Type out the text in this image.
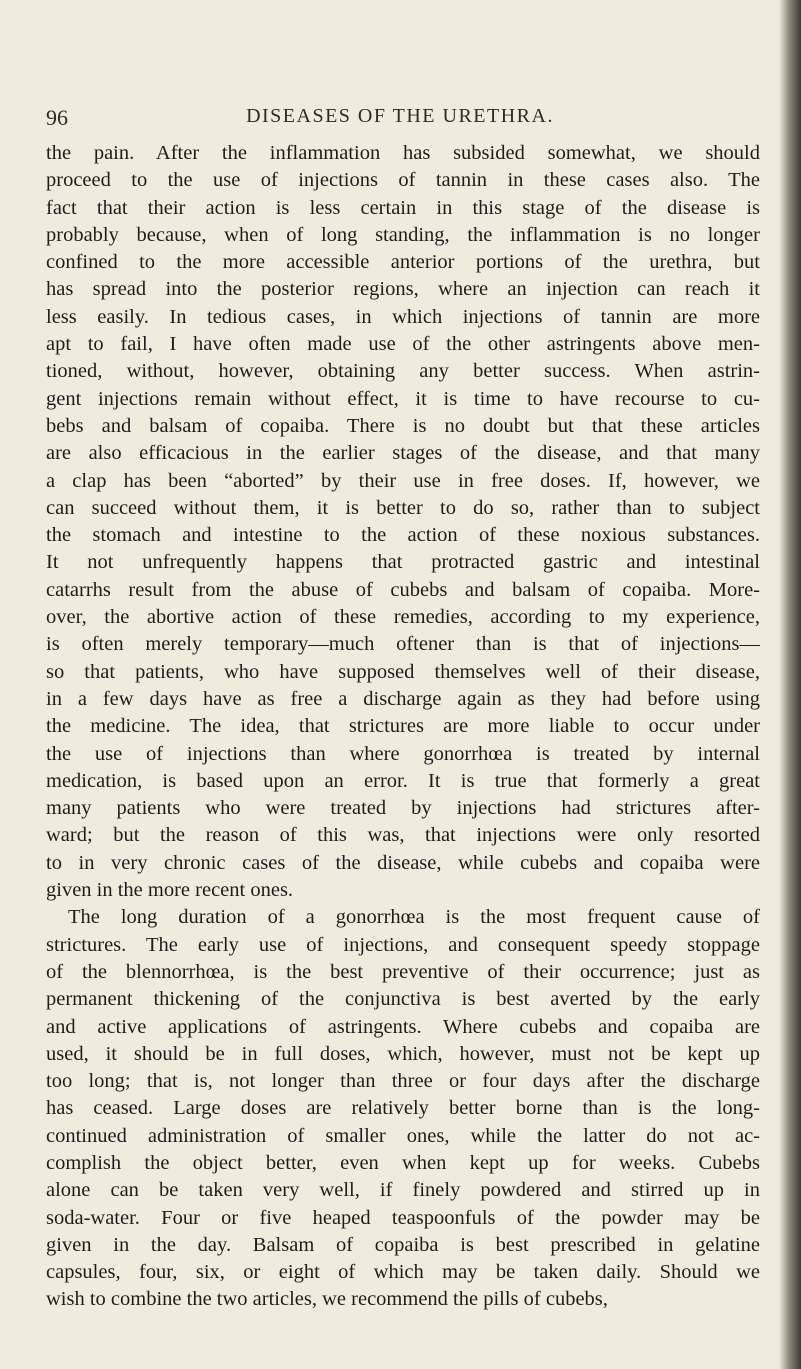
96	DISEASES OF THE URETHRA.
the pain. After the inflammation has subsided somewhat, we should
proceed to the use of injections of tannin in these cases also. The
fact that their action is less certain in this stage of the disease is
probably because, when of long standing, the inflammation is no longer
confined to the more accessible anterior portions of the urethra, but
has spread into the posterior regions, where an injection can reach it
less easily. In tedious cases, in which injections of tannin are more
apt to fail, I have often made use of the other astringents above men-
tioned, without, however, obtaining any better success. When astrin-
gent injections remain without effect, it is time to have recourse to cu-
bebs and balsam of copaiba. There is no doubt but that these articles
are also efficacious in the earlier stages of the disease, and that many
a clap has been “aborted” by their use in free doses. If, however, we
can succeed without them, it is better to do so, rather than to subject
the stomach and intestine to the action of these noxious substances.
It not unfrequently happens that protracted gastric and intestinal
catarrhs result from the abuse of cubebs and balsam of copaiba. More-
over, the abortive action of these remedies, according to my experience,
is often merely temporary—much oftener than is that of injections—
so that patients, who have supposed themselves well of their disease,
in a few days have as free a discharge again as they had before using
the medicine. The idea, that strictures are more liable to occur under
the use of injections than where gonorrhœa is treated by internal
medication, is based upon an error. It is true that formerly a great
many patients who were treated by injections had strictures after-
ward; but the reason of this was, that injections were only resorted
to in very chronic cases of the disease, while cubebs and copaiba were
given in the more recent ones.
The long duration of a gonorrhœa is the most frequent cause of
strictures. The early use of injections, and consequent speedy stoppage
of the blennorrhœa, is the best preventive of their occurrence; just as
permanent thickening of the conjunctiva is best averted by the early
and active applications of astringents. Where cubebs and copaiba are
used, it should be in full doses, which, however, must not be kept up
too long; that is, not longer than three or four days after the discharge
has ceased. Large doses are relatively better borne than is the long-
continued administration of smaller ones, while the latter do not ac-
complish the object better, even when kept up for weeks. Cubebs
alone can be taken very well, if finely powdered and stirred up in
soda-water. Four or five heaped teaspoonfuls of the powder may be
given in the day. Balsam of copaiba is best prescribed in gelatine
capsules, four, six, or eight of which may be taken daily. Should we
wish to combine the two articles, we recommend the pills of cubebs,
